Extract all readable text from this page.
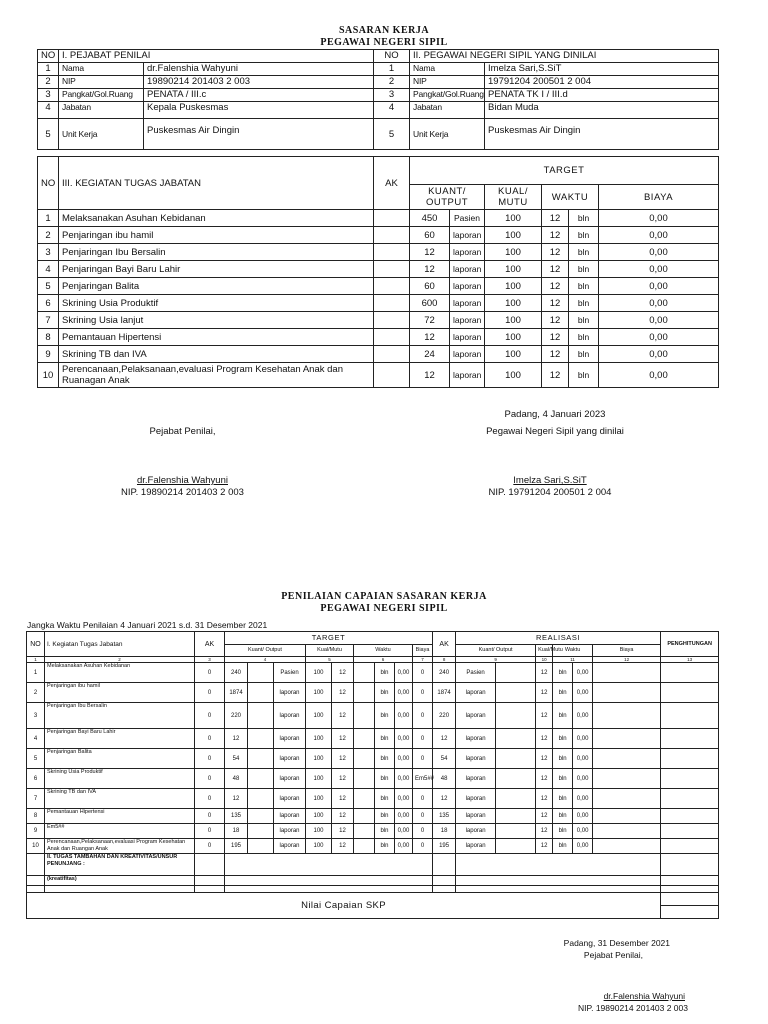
SASARAN KERJA
PEGAWAI NEGERI SIPIL
NO	I. PEJABAT PENILAI		NO	II. PEGAWAI NEGERI SIPIL YANG DINILAI	
1	Nama	dr.Falenshia Wahyuni	1	Nama	Imelza Sari,S.SiT
2	NIP	19890214 201403 2 003	2	NIP	19791204 200501 2 004
3	Pangkat/Gol.Ruang	PENATA / III.c	3	Pangkat/Gol.Ruang	PENATA TK I / III.d
4	Jabatan	Kepala Puskesmas	4	Jabatan	Bidan Muda
5	Unit Kerja	Puskesmas Air Dingin	5	Unit Kerja	Puskesmas Air Dingin
NO	III. KEGIATAN TUGAS JABATAN	AK	TARGET					
			KUANT/ OUTPUT		KUAL/ MUTU	WAKTU		BIAYA
1	Melaksanakan Asuhan Kebidanan		450	Pasien	100	12	bln	0,00
2	Penjaringan ibu hamil		60	laporan	100	12	bln	0,00
3	Penjaringan Ibu Bersalin		12	laporan	100	12	bln	0,00
4	Penjaringan Bayi Baru Lahir		12	laporan	100	12	bln	0,00
5	Penjaringan Balita		60	laporan	100	12	bln	0,00
6	Skrining Usia Produktif		600	laporan	100	12	bln	0,00
7	Skrining Usia lanjut		72	laporan	100	12	bln	0,00
8	Pemantauan Hipertensi		12	laporan	100	12	bln	0,00
9	Skrining TB dan IVA		24	laporan	100	12	bln	0,00
10	Perencanaan,Pelaksanaan,evaluasi Program Kesehatan Anak dan Ruanagan Anak		12	laporan	100	12	bln	0,00
Padang, 4 Januari 2023
Pejabat Penilai,	Pegawai Negeri Sipil yang dinilai
dr.Falenshia Wahyuni
NIP. 19890214 201403 2 003
Imelza Sari,S.SiT
NIP. 19791204 200501 2 004
PENILAIAN CAPAIAN SASARAN KERJA
PEGAWAI NEGERI SIPIL
Jangka Waktu Penilaian 4 Januari 2021 s.d. 31 Desember 2021
NO	I. Kegiatan Tugas Jabatan	AK	TARGET									AK	REALISASI						PENGHITUNGAN	
			Kuant/ Output			Kual/Mutu		Waktu			Biaya		Kuant/ Output		Kual/Mutu	Waktu		Biaya		
1	2	3	4			5		6			7	8	9		10	11		12	13	
1	Melaksanakan Asuhan Kebidanan	0	240		Pasien	100	12		bln	0,00	0	240	Pasien		12	bln	0,00			
2	Penjaringan ibu hamil	0	1874		laporan	100	12		bln	0,00	0	1874	laporan		12	bln	0,00			
3	Penjaringan Ibu Bersalin	0	220		laporan	100	12		bln	0,00	0	220	laporan		12	bln	0,00			
4	Penjaringan Bayi Baru Lahir	0	12		laporan	100	12		bln	0,00	0	12	laporan		12	bln	0,00			
5	Penjaringan Balita	0	54		laporan	100	12		bln	0,00	0	54	laporan		12	bln	0,00			
6	Skrining Usia Produktif	0	48		laporan	100	12		bln	0,00	Em5##	48	laporan		12	bln	0,00			
7	Skrining TB dan IVA	0	12		laporan	100	12		bln	0,00	0	12	laporan		12	bln	0,00			
8	Pemantauan Hipertensi	0	135		laporan	100	12		bln	0,00	0	135	laporan		12	bln	0,00			
9	Em5##	0	18		laporan	100	12		bln	0,00	0	18	laporan		12	bln	0,00			
10	Perencanaan,Pelaksanaan,evaluasi Program Kesehatan Anak dan Ruangan Anak	0	195		laporan	100	12		bln	0,00	0	195	laporan		12	bln	0,00			
	II. TUGAS TAMBAHAN DAN KREATIVITAS/UNSUR PENUNJANG :																			
	(kreatifitas)																			

Nilai Capaian SKP																				

Padang, 31 Desember 2021
Pejabat Penilai,
dr.Falenshia Wahyuni
NIP. 19890214 201403 2 003
